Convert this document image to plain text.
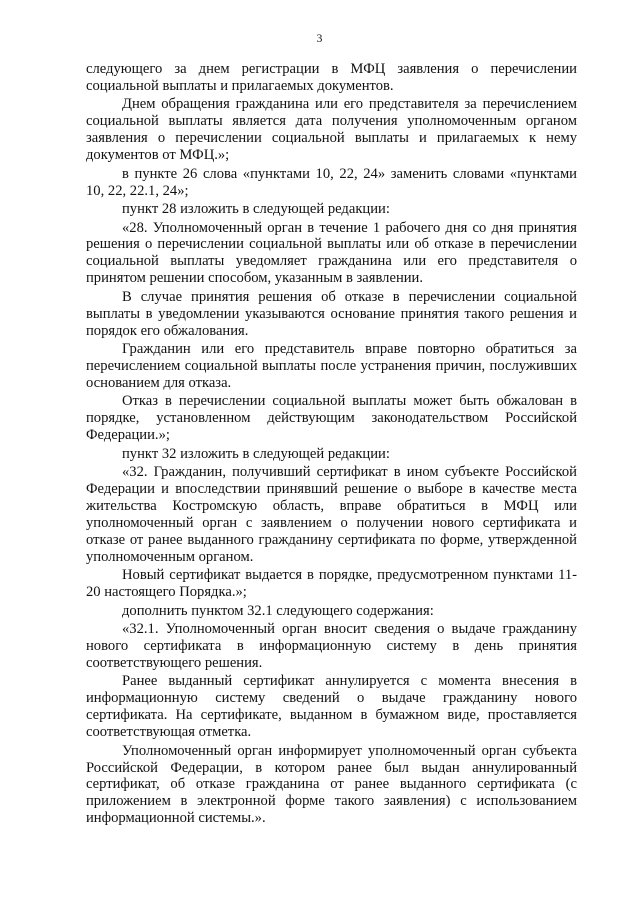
3

следующего за днем регистрации в МФЦ заявления о перечислении социальной выплаты и прилагаемых документов.

Днем обращения гражданина или его представителя за перечислением социальной выплаты является дата получения уполномоченным органом заявления о перечислении социальной выплаты и прилагаемых к нему документов от МФЦ.»;

в пункте 26 слова «пунктами 10, 22, 24» заменить словами «пунктами 10, 22, 22.1, 24»;

пункт 28 изложить в следующей редакции:

«28. Уполномоченный орган в течение 1 рабочего дня со дня принятия решения о перечислении социальной выплаты или об отказе в перечислении социальной выплаты уведомляет гражданина или его представителя о принятом решении способом, указанным в заявлении.

В случае принятия решения об отказе в перечислении социальной выплаты в уведомлении указываются основание принятия такого решения и порядок его обжалования.

Гражданин или его представитель вправе повторно обратиться за перечислением социальной выплаты после устранения причин, послуживших основанием для отказа.

Отказ в перечислении социальной выплаты может быть обжалован в порядке, установленном действующим законодательством Российской Федерации.»;

пункт 32 изложить в следующей редакции:

«32. Гражданин, получивший сертификат в ином субъекте Российской Федерации и впоследствии принявший решение о выборе в качестве места жительства Костромскую область, вправе обратиться в МФЦ или уполномоченный орган с заявлением о получении нового сертификата и отказе от ранее выданного гражданину сертификата по форме, утвержденной уполномоченным органом.

Новый сертификат выдается в порядке, предусмотренном пунктами 11-20 настоящего Порядка.»;

дополнить пунктом 32.1 следующего содержания:

«32.1. Уполномоченный орган вносит сведения о выдаче гражданину нового сертификата в информационную систему в день принятия соответствующего решения.

Ранее выданный сертификат аннулируется с момента внесения в информационную систему сведений о выдаче гражданину нового сертификата. На сертификате, выданном в бумажном виде, проставляется соответствующая отметка.

Уполномоченный орган информирует уполномоченный орган субъекта Российской Федерации, в котором ранее был выдан аннулированный сертификат, об отказе гражданина от ранее выданного сертификата (с приложением в электронной форме такого заявления) с использованием информационной системы.».
